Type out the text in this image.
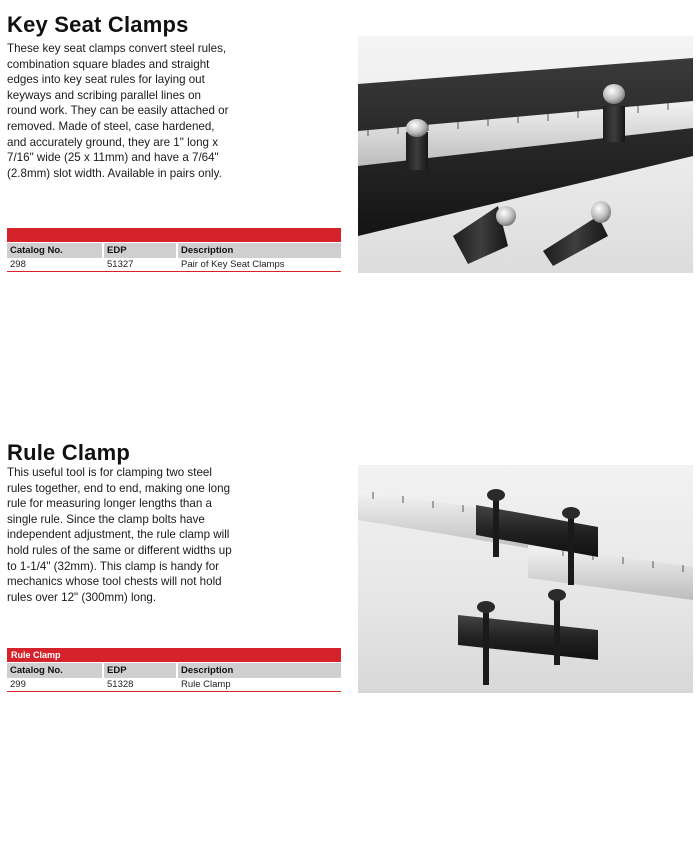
Key Seat Clamps

These key seat clamps convert steel rules, combination square blades and straight edges into key seat rules for laying out keyways and scribing parallel lines on round work. They can be easily attached or removed. Made of steel, case hardened, and accurately ground, they are 1" long x 7/16" wide (25 x 11mm) and have a 7/64" (2.8mm) slot width. Available in pairs only.

Catalog No.	EDP	Description
298	51327	Pair of Key Seat Clamps
Rule Clamp

This useful tool is for clamping two steel rules together, end to end, making one long rule for measuring longer lengths than a single rule. Since the clamp bolts have independent adjustment, the rule clamp will hold rules of the same or different widths up to 1-1/4" (32mm). This clamp is handy for mechanics whose tool chests will not hold rules over 12" (300mm) long.

Rule Clamp
Catalog No.	EDP	Description
299	51328	Rule Clamp
